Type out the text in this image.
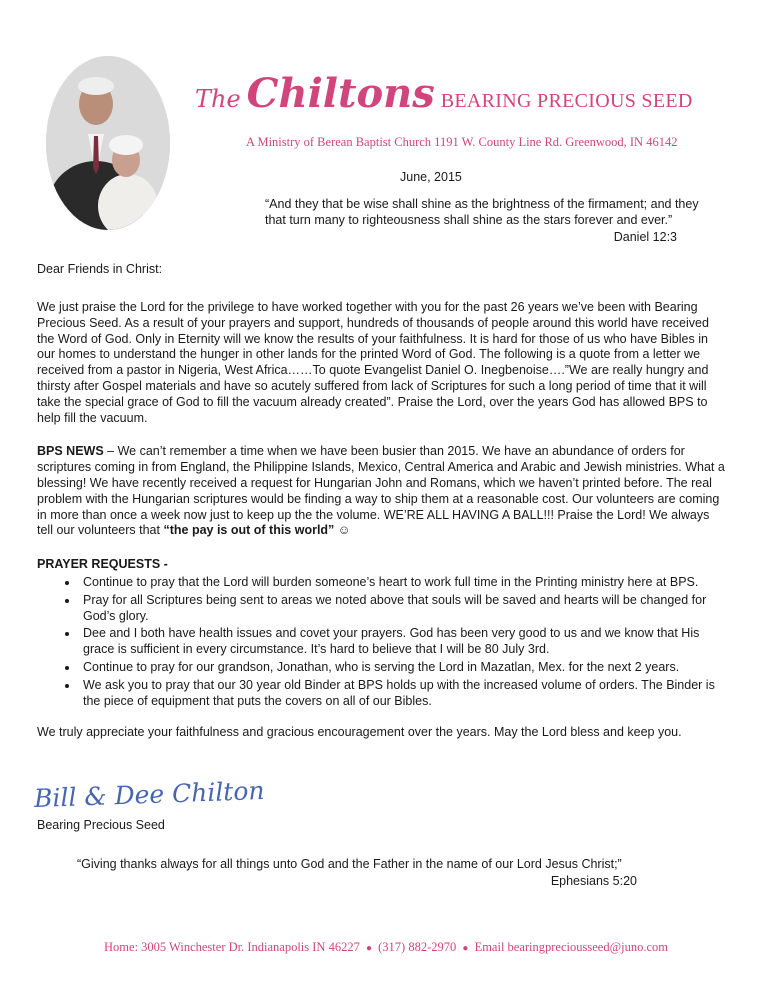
The Chiltons BEARING PRECIOUS SEED
A Ministry of Berean Baptist Church 1191 W. County Line Rd. Greenwood, IN 46142
June, 2015
“And they that be wise shall shine as the brightness of the firmament; and they that turn many to righteousness shall shine as the stars forever and ever.”
Daniel 12:3
Dear Friends in Christ:

We just praise the Lord for the privilege to have worked together with you for the past 26 years we’ve been with Bearing Precious Seed. As a result of your prayers and support, hundreds of thousands of people around this world have received the Word of God. Only in Eternity will we know the results of your faithfulness. It is hard for those of us who have Bibles in our homes to understand the hunger in other lands for the printed Word of God. The following is a quote from a letter we received from a pastor in Nigeria, West Africa……To quote Evangelist Daniel O. Inegbenoise….”We are really hungry and thirsty after Gospel materials and have so acutely suffered from lack of Scriptures for such a long period of time that it will take the special grace of God to fill the vacuum already created”. Praise the Lord, over the years God has allowed BPS to help fill the vacuum.

BPS NEWS – We can’t remember a time when we have been busier than 2015. We have an abundance of orders for scriptures coming in from England, the Philippine Islands, Mexico, Central America and Arabic and Jewish ministries. What a blessing! We have recently received a request for Hungarian John and Romans, which we haven’t printed before. The real problem with the Hungarian scriptures would be finding a way to ship them at a reasonable cost. Our volunteers are coming in more than once a week now just to keep up the the volume. WE’RE ALL HAVING A BALL!!! Praise the Lord! We always tell our volunteers that “the pay is out of this world” ☺

PRAYER REQUESTS -
• Continue to pray that the Lord will burden someone’s heart to work full time in the Printing ministry here at BPS.
• Pray for all Scriptures being sent to areas we noted above that souls will be saved and hearts will be changed for God’s glory.
• Dee and I both have health issues and covet your prayers. God has been very good to us and we know that His grace is sufficient in every circumstance. It’s hard to believe that I will be 80 July 3rd.
• Continue to pray for our grandson, Jonathan, who is serving the Lord in Mazatlan, Mex. for the next 2 years.
• We ask you to pray that our 30 year old Binder at BPS holds up with the increased volume of orders. The Binder is the piece of equipment that puts the covers on all of our Bibles.

We truly appreciate your faithfulness and gracious encouragement over the years. May the Lord bless and keep you.

Bill & Dee Chilton
Bearing Precious Seed
“Giving thanks always for all things unto God and the Father in the name of our Lord Jesus Christ;”
Ephesians 5:20
Home: 3005 Winchester Dr. Indianapolis IN 46227 ● (317) 882-2970 ● Email bearingpreciousseed@juno.com
